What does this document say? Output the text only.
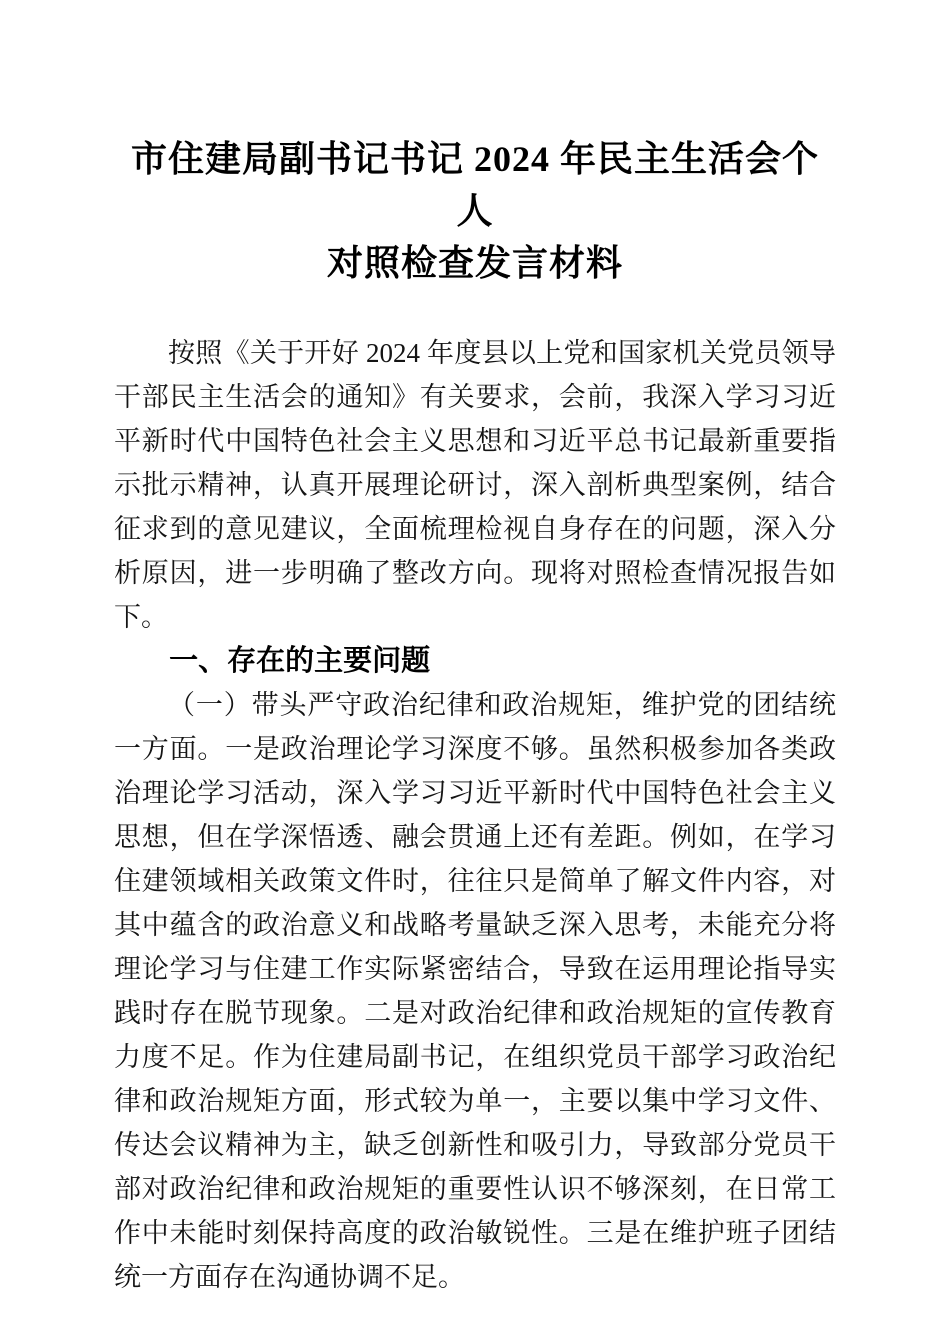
市住建局副书记书记 2024 年民主生活会个人
对照检查发言材料

按照《关于开好 2024 年度县以上党和国家机关党员领导干部民主生活会的通知》有关要求，会前，我深入学习习近平新时代中国特色社会主义思想和习近平总书记最新重要指示批示精神，认真开展理论研讨，深入剖析典型案例，结合征求到的意见建议，全面梳理检视自身存在的问题，深入分析原因，进一步明确了整改方向。现将对照检查情况报告如下。

一、存在的主要问题

（一）带头严守政治纪律和政治规矩，维护党的团结统一方面。一是政治理论学习深度不够。虽然积极参加各类政治理论学习活动，深入学习习近平新时代中国特色社会主义思想，但在学深悟透、融会贯通上还有差距。例如，在学习住建领域相关政策文件时，往往只是简单了解文件内容，对其中蕴含的政治意义和战略考量缺乏深入思考，未能充分将理论学习与住建工作实际紧密结合，导致在运用理论指导实践时存在脱节现象。二是对政治纪律和政治规矩的宣传教育力度不足。作为住建局副书记，在组织党员干部学习政治纪律和政治规矩方面，形式较为单一，主要以集中学习文件、传达会议精神为主，缺乏创新性和吸引力，导致部分党员干部对政治纪律和政治规矩的重要性认识不够深刻，在日常工作中未能时刻保持高度的政治敏锐性。三是在维护班子团结统一方面存在沟通协调不足。
